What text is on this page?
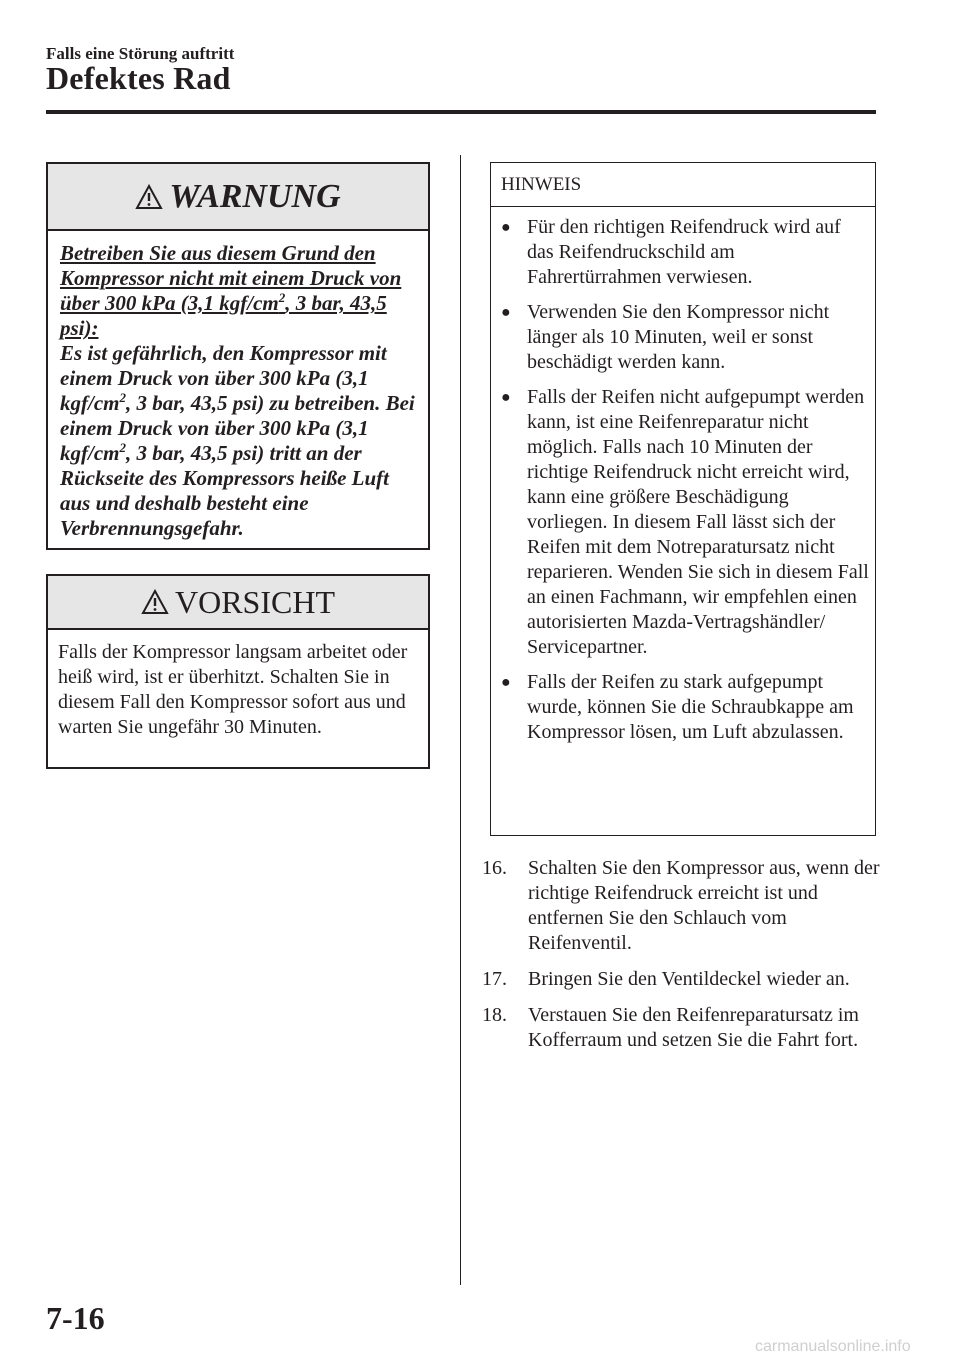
Falls eine Störung auftritt
Defektes Rad
WARNUNG
Betreiben Sie aus diesem Grund den Kompressor nicht mit einem Druck von über 300 kPa (3,1 kgf/$cm^2$, 3 bar, 43,5 psi):
Es ist gefährlich, den Kompressor mit einem Druck von über 300 kPa (3,1 kgf/$cm^2$, 3 bar, 43,5 psi) zu betreiben. Bei einem Druck von über 300 kPa (3,1 kgf/$cm^2$, 3 bar, 43,5 psi) tritt an der Rückseite des Kompressors heiße Luft aus und deshalb besteht eine Verbrennungsgefahr.
VORSICHT
Falls der Kompressor langsam arbeitet oder heiß wird, ist er überhitzt. Schalten Sie in diesem Fall den Kompressor sofort aus und warten Sie ungefähr 30 Minuten.
HINWEIS
● Für den richtigen Reifendruck wird auf das Reifendruckschild am Fahrertürrahmen verwiesen.
● Verwenden Sie den Kompressor nicht länger als 10 Minuten, weil er sonst beschädigt werden kann.
● Falls der Reifen nicht aufgepumpt werden kann, ist eine Reifenreparatur nicht möglich. Falls nach 10 Minuten der richtige Reifendruck nicht erreicht wird, kann eine größere Beschädigung vorliegen. In diesem Fall lässt sich der Reifen mit dem Notreparatursatz nicht reparieren. Wenden Sie sich in diesem Fall an einen Fachmann, wir empfehlen einen autorisierten Mazda-Vertragshändler/ Servicepartner.
● Falls der Reifen zu stark aufgepumpt wurde, können Sie die Schraubkappe am Kompressor lösen, um Luft abzulassen.
16. Schalten Sie den Kompressor aus, wenn der richtige Reifendruck erreicht ist und entfernen Sie den Schlauch vom Reifenventil.
17. Bringen Sie den Ventildeckel wieder an.
18. Verstauen Sie den Reifenreparatursatz im Kofferraum und setzen Sie die Fahrt fort.
7-16
carmanualsonline.info
